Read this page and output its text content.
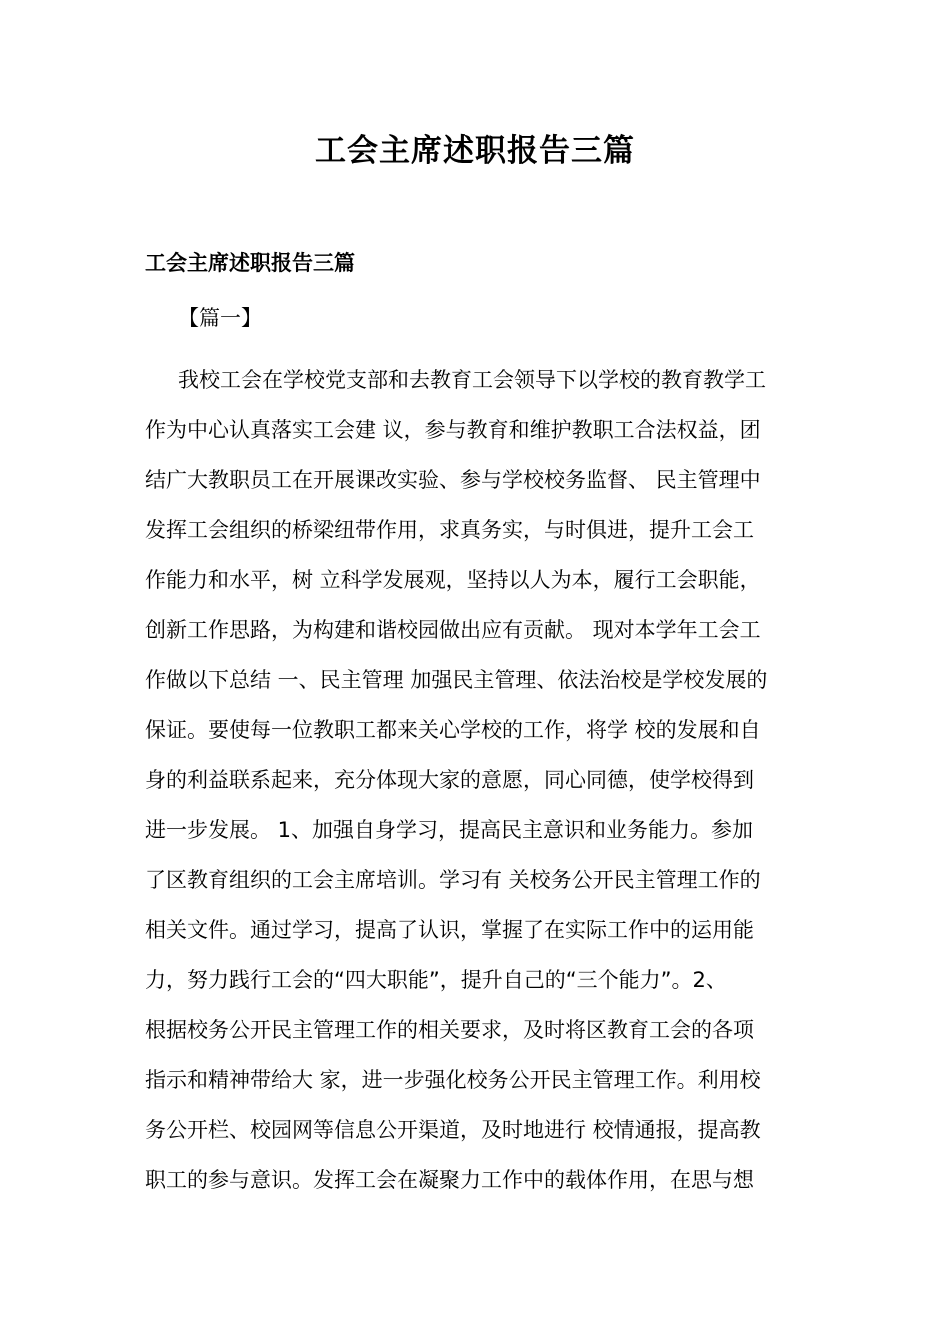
工会主席述职报告三篇
工会主席述职报告三篇

【篇一】

我校工会在学校党支部和去教育工会领导下以学校的教育教学工
作为中心认真落实工会建 议，参与教育和维护教职工合法权益，团
结广大教职员工在开展课改实验、参与学校校务监督、 民主管理中
发挥工会组织的桥梁纽带作用，求真务实，与时俱进，提升工会工
作能力和水平，树 立科学发展观，坚持以人为本，履行工会职能，
创新工作思路，为构建和谐校园做出应有贡献。 现对本学年工会工
作做以下总结 一、民主管理 加强民主管理、依法治校是学校发展的
保证。要使每一位教职工都来关心学校的工作，将学 校的发展和自
身的利益联系起来，充分体现大家的意愿，同心同德，使学校得到
进一步发展。 1、加强自身学习，提高民主意识和业务能力。参加
了区教育组织的工会主席培训。学习有 关校务公开民主管理工作的
相关文件。通过学习，提高了认识，掌握了在实际工作中的运用能
力，努力践行工会的“四大职能”，提升自己的“三个能力”。2、
根据校务公开民主管理工作的相关要求，及时将区教育工会的各项
指示和精神带给大 家，进一步强化校务公开民主管理工作。利用校
务公开栏、校园网等信息公开渠道，及时地进行 校情通报，提高教
职工的参与意识。发挥工会在凝聚力工作中的载体作用，在思与想
